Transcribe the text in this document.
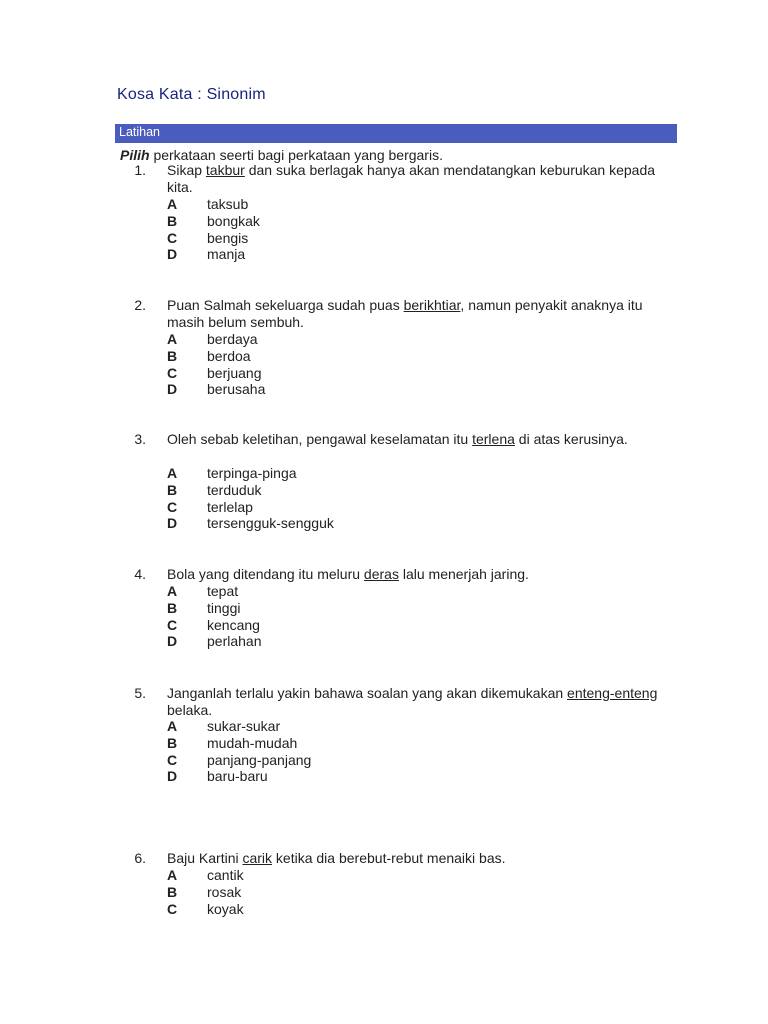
Kosa Kata : Sinonim
Latihan
Pilih perkataan seerti bagi perkataan yang bergaris.
1. Sikap takbur dan suka berlagak hanya akan mendatangkan keburukan kepada kita.
A taksub
B bongkak
C bengis
D manja
2. Puan Salmah sekeluarga sudah puas berikhtiar, namun penyakit anaknya itu masih belum sembuh.
A berdaya
B berdoa
C berjuang
D berusaha
3. Oleh sebab keletihan, pengawal keselamatan itu terlena di atas kerusinya.
A terpinga-pinga
B terduduk
C terlelap
D tersengguk-sengguk
4. Bola yang ditendang itu meluru deras lalu menerjah jaring.
A tepat
B tinggi
C kencang
D perlahan
5. Janganlah terlalu yakin bahawa soalan yang akan dikemukakan enteng-enteng belaka.
A sukar-sukar
B mudah-mudah
C panjang-panjang
D baru-baru
6. Baju Kartini carik ketika dia berebut-rebut menaiki bas.
A cantik
B rosak
C koyak
